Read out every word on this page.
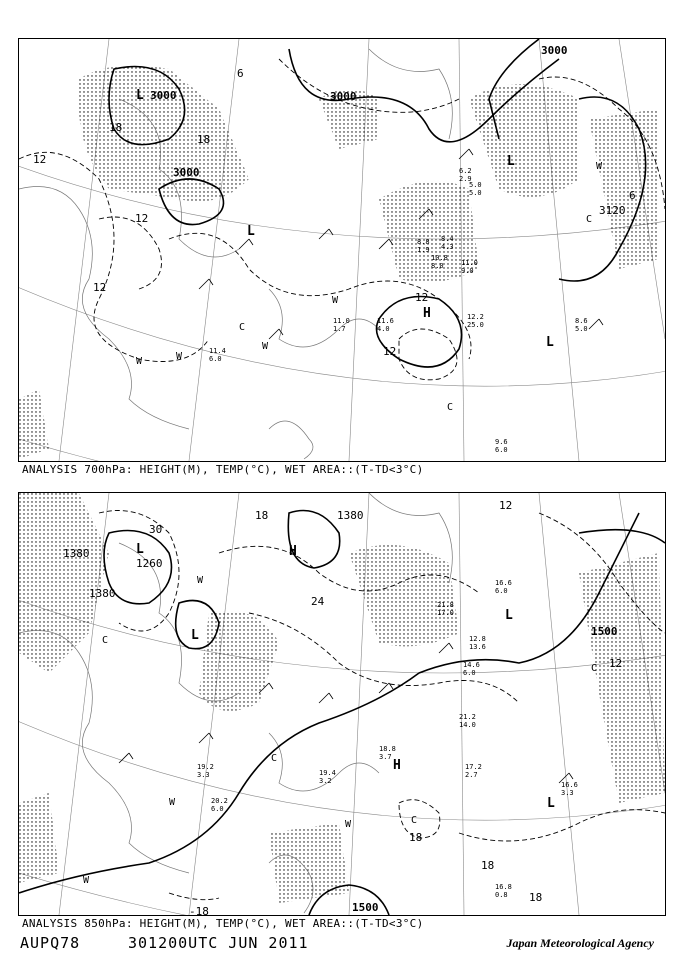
3000
3000
3000
3000
3120
12
12
12
12
12
18
18
6
6
L
L
L
L
H
W
W
W
W
W
C
C
C
11.0
9.0
12.2
25.0	8.6
5.0
9.6
6.0
11.4
6.0
10.8
8.0
8.8
1.9
11.6
4.0
11.0
1.7
6.2
2.9
5.0
5.0
8.4
4.3
ANALYSIS 700hPa: HEIGHT(M), TEMP(°C), WET AREA::(T-TD<3°C)
1380
1380
1260
1380
1500
1500
30
24
18
18
18
18
12
12
-18
L
L
L
L
H
H
W
W
W
W
C
C
C
C
16.6
3.3
17.2
2.7
21.2
14.0
16.8
0.8
14.6
6.0
12.8
13.6
18.8
3.7
19.4
3.2
20.2
6.0
21.8
17.0
16.6
6.0
19.2
3.3
ANALYSIS 850hPa: HEIGHT(M), TEMP(°C), WET AREA::(T-TD<3°C)
AUPQ78	301200UTC JUN 2011	Japan Meteorological Agency
